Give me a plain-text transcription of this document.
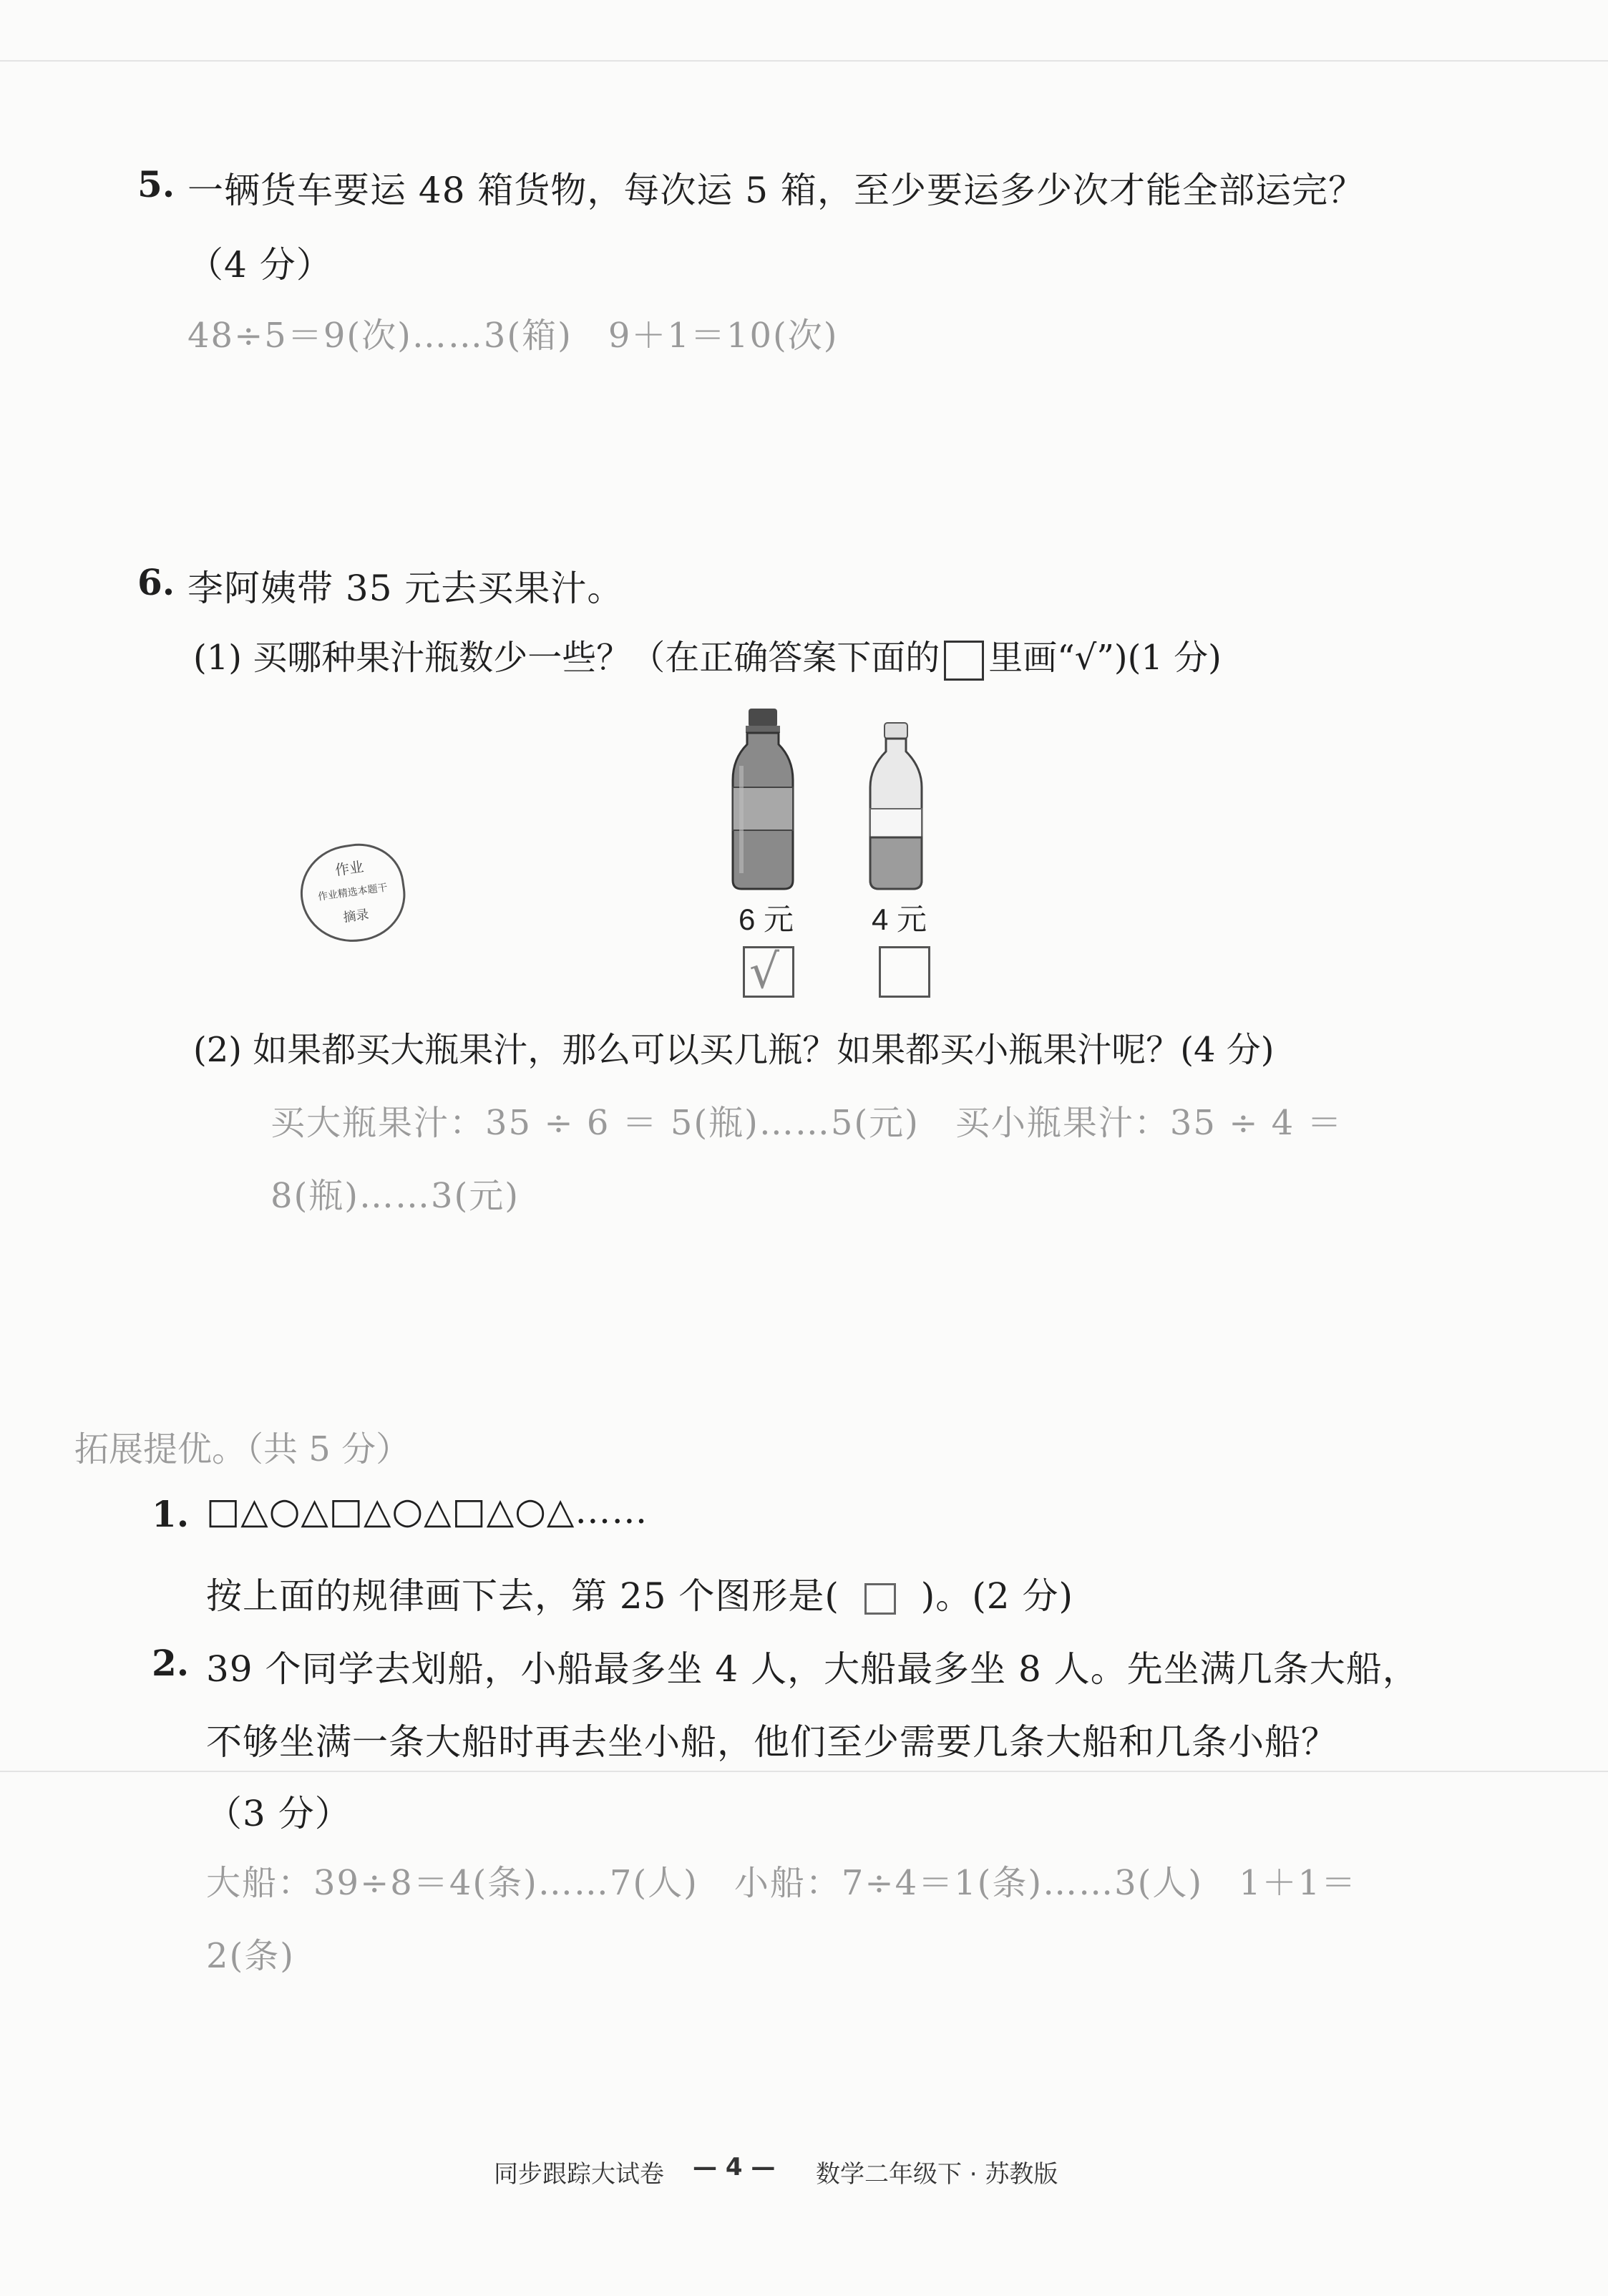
5. 一辆货车要运 48 箱货物，每次运 5 箱，至少要运多少次才能全部运完？
（4 分）
48÷5＝9(次)……3(箱)　9＋1＝10(次)
6. 李阿姨带 35 元去买果汁。
(1) 买哪种果汁瓶数少一些？（在正确答案下面的 里画“√”)(1 分)
6 元	4 元
√
作业
作业精选本题干
摘录
(2) 如果都买大瓶果汁，那么可以买几瓶？如果都买小瓶果汁呢？(4 分)
买大瓶果汁：35 ÷ 6 ＝ 5(瓶)……5(元)　买小瓶果汁：35 ÷ 4 ＝
8(瓶)……3(元)
拓展提优。（共 5 分）
1. □△○△□△○△□△○△……
按上面的规律画下去，第 25 个图形是( )。(2 分)
2. 39 个同学去划船，小船最多坐 4 人，大船最多坐 8 人。先坐满几条大船，
不够坐满一条大船时再去坐小船，他们至少需要几条大船和几条小船？
（3 分）
大船：39÷8＝4(条)……7(人)　小船：7÷4＝1(条)……3(人)　1＋1＝
2(条)
同步跟踪大试卷 — 4 — 数学二年级下 · 苏教版
